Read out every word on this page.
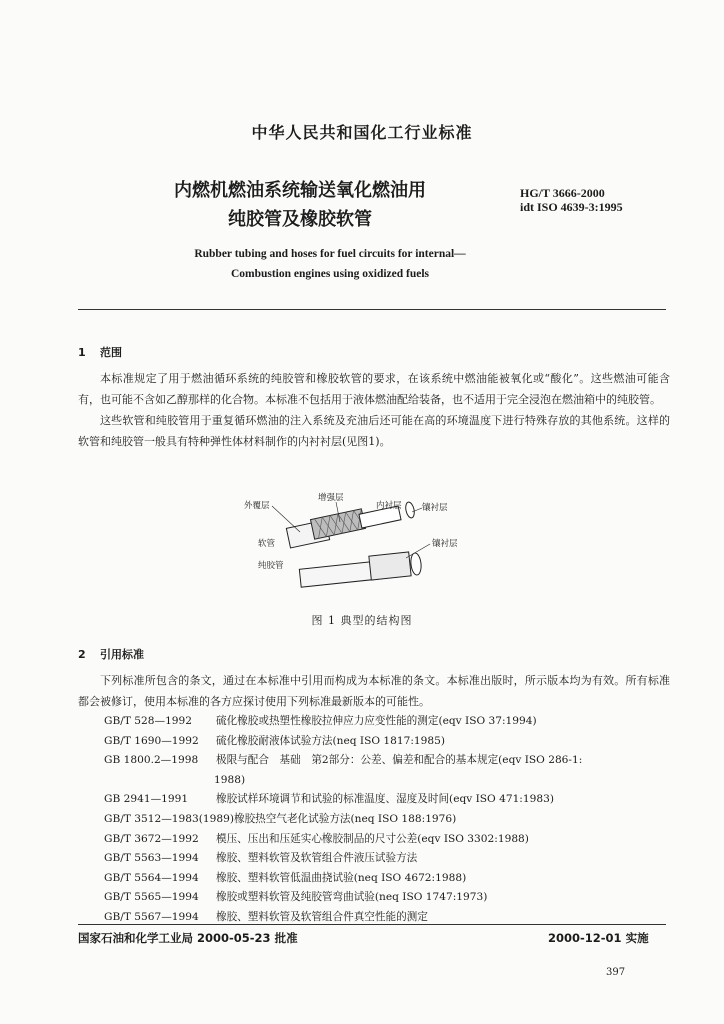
中华人民共和国化工行业标准
内燃机燃油系统输送氧化燃油用
纯胶管及橡胶软管
HG/T 3666-2000
idt ISO 4639-3:1995
Rubber tubing and hoses for fuel circuits for internal—
Combustion engines using oxidized fuels
1 范围

本标准规定了用于燃油循环系统的纯胶管和橡胶软管的要求，在该系统中燃油能被氧化或“酸化”。这些燃油可能含有，也可能不含如乙醇那样的化合物。本标准不包括用于液体燃油配给装备，也不适用于完全浸泡在燃油箱中的纯胶管。

这些软管和纯胶管用于重复循环燃油的注入系统及充油后还可能在高的环境温度下进行特殊存放的其他系统。这样的软管和纯胶管一般具有特种弹性体材料制作的内衬衬层(见图1)。

外覆层
增强层
内衬层 镶衬层
软管	镶衬层
纯胶管
图 1 典型的结构图
2 引用标准

下列标准所包含的条文，通过在本标准中引用而构成为本标准的条文。本标准出版时，所示版本均为有效。所有标准都会被修订，使用本标准的各方应探讨使用下列标准最新版本的可能性。

GB/T 528—1992 硫化橡胶或热塑性橡胶拉伸应力应变性能的测定(eqv ISO 37:1994)
GB/T 1690—1992 硫化橡胶耐液体试验方法(neq ISO 1817:1985)
GB 1800.2—1998 极限与配合　基础　第2部分：公差、偏差和配合的基本规定(eqv ISO 286-1:
1988)
GB 2941—1991	橡胶试样环境调节和试验的标准温度、湿度及时间(eqv ISO 471:1983)
GB/T 3512—1983(1989)橡胶热空气老化试验方法(neq ISO 188:1976)
GB/T 3672—1992 模压、压出和压延实心橡胶制品的尺寸公差(eqv ISO 3302:1988)
GB/T 5563—1994 橡胶、塑料软管及软管组合件液压试验方法
GB/T 5564—1994 橡胶、塑料软管低温曲挠试验(neq ISO 4672:1988)
GB/T 5565—1994 橡胶或塑料软管及纯胶管弯曲试验(neq ISO 1747:1973)
GB/T 5567—1994 橡胶、塑料软管及软管组合件真空性能的测定
国家石油和化学工业局 2000-05-23 批准	2000-12-01 实施
397
